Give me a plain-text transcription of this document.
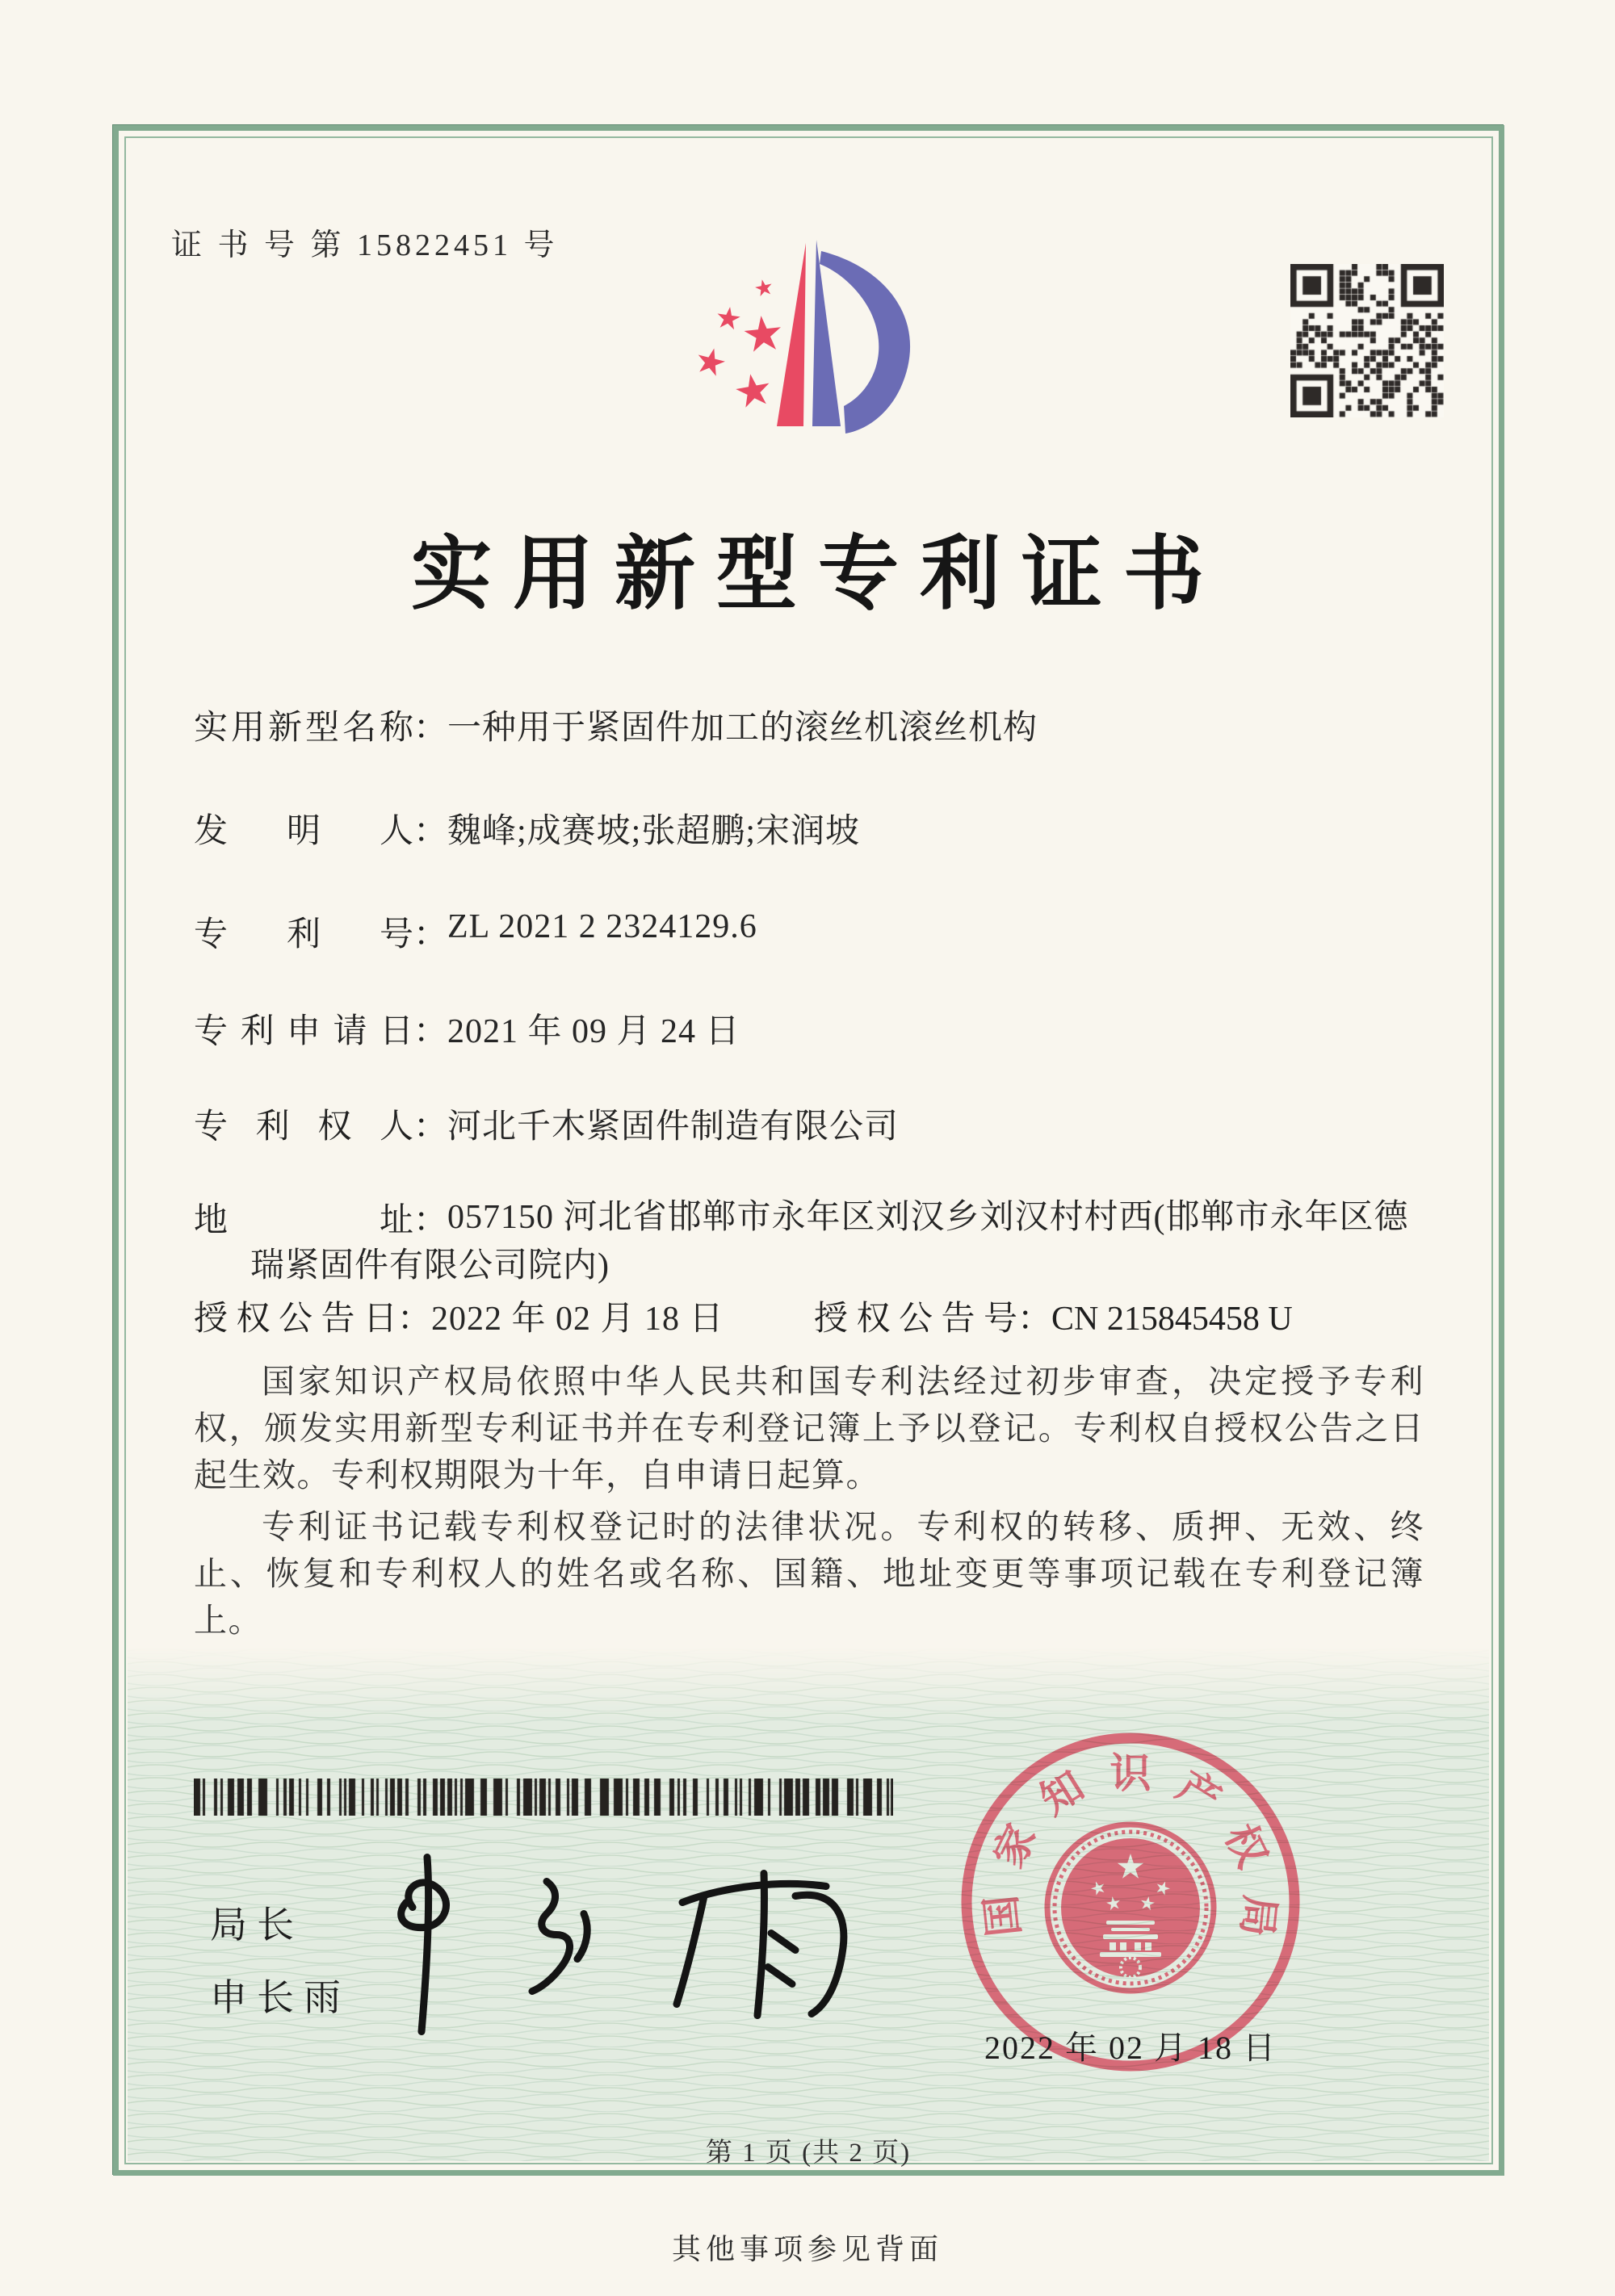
证 书 号 第 15822451 号
实用新型专利证书
实用新型名称：一种用于紧固件加工的滚丝机滚丝机构
发明人：魏峰;成赛坡;张超鹏;宋润坡
专利号：ZL 2021 2 2324129.6
专利申请日：2021 年 09 月 24 日
专利权人：河北千木紧固件制造有限公司
地址： 057150 河北省邯郸市永年区刘汉乡刘汉村村西(邯郸市永年区德瑞紧固件有限公司院内)
授权公告日：2022 年 02 月 18 日	授权公告号：CN 215845458 U

国家知识产权局依照中华人民共和国专利法经过初步审查，决定授予专利权，颁发实用新型专利证书并在专利登记簿上予以登记。专利权自授权公告之日起生效。专利权期限为十年，自申请日起算。

专利证书记载专利权登记时的法律状况。专利权的转移、质押、无效、终止、恢复和专利权人的姓名或名称、国籍、地址变更等事项记载在专利登记簿上。

局长
申长雨
国
家
知 识 产
权
局
2022 年 02 月 18 日
第 1 页 (共 2 页)
其他事项参见背面
